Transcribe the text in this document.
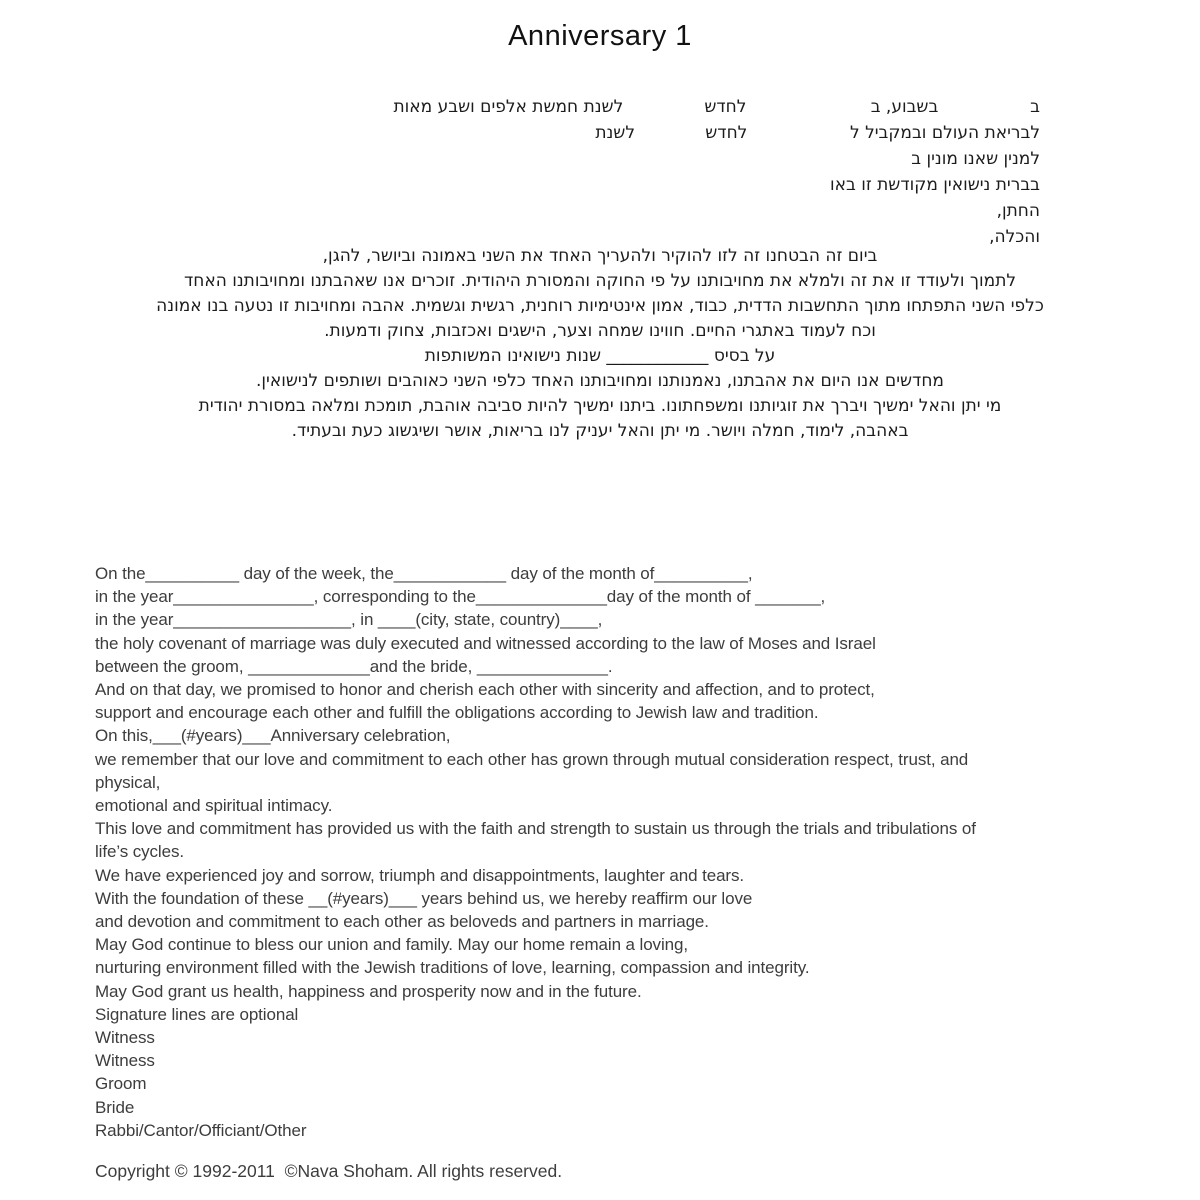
Anniversary 1
ב                 בשבוע, ב                       לחדש               לשנת חמשת אלפים ושבע מאות
לבריאת העולם ובמקביל ל                   לחדש             לשנת
למנין שאנו מונין ב
בברית נישואין מקודשת זו באו
החתן,
והכלה,
ביום זה הבטחנו זה לזו להוקיר ולהעריך האחד את השני באמונה וביושר, להגן,
לתמוך ולעודד זו את זה ולמלא את מחויבותנו על פי החוקה והמסורת היהודית. זוכרים אנו שאהבתנו ומחויבותנו האחד
כלפי השני התפתחו מתוך התחשבות הדדית, כבוד, אמון אינטימיות רוחנית, רגשית וגשמית. אהבה ומחויבות זו נטעה בנו אמונה
וכח לעמוד באתגרי החיים. חווינו שמחה וצער, הישגים ואכזבות, צחוק ודמעות.
על בסיס ____________ שנות נישואינו המשותפות
מחדשים אנו היום את אהבתנו, נאמנותנו ומחויבותנו האחד כלפי השני כאוהבים ושותפים לנישואין.
מי יתן והאל ימשיך ויברך את זוגיותנו ומשפחתונו. ביתנו ימשיך להיות סביבה אוהבת, תומכת ומלאה במסורת יהודית
באהבה, לימוד, חמלה ויושר. מי יתן והאל יעניק לנו בריאות, אושר ושיגשוג כעת ובעתיד.
On the__________ day of the week, the____________ day of the month of__________,
in the year_______________, corresponding to the______________day of the month of _______,
in the year___________________, in ____(city, state, country)____,
the holy covenant of marriage was duly executed and witnessed according to the law of Moses and Israel
between the groom, _____________and the bride, ______________.
And on that day, we promised to honor and cherish each other with sincerity and affection, and to protect,
support and encourage each other and fulfill the obligations according to Jewish law and tradition.
On this,___(#years)___Anniversary celebration,
we remember that our love and commitment to each other has grown through mutual consideration respect, trust, and
physical,
emotional and spiritual intimacy.
This love and commitment has provided us with the faith and strength to sustain us through the trials and tribulations of
life’s cycles.
We have experienced joy and sorrow, triumph and disappointments, laughter and tears.
With the foundation of these __(#years)___ years behind us, we hereby reaffirm our love
and devotion and commitment to each other as beloveds and partners in marriage.
May God continue to bless our union and family. May our home remain a loving,
nurturing environment filled with the Jewish traditions of love, learning, compassion and integrity.
May God grant us health, happiness and prosperity now and in the future.
Signature lines are optional
Witness
Witness
Groom
Bride
Rabbi/Cantor/Officiant/Other
Copyright © 1992-2011  ©Nava Shoham. All rights reserved.
